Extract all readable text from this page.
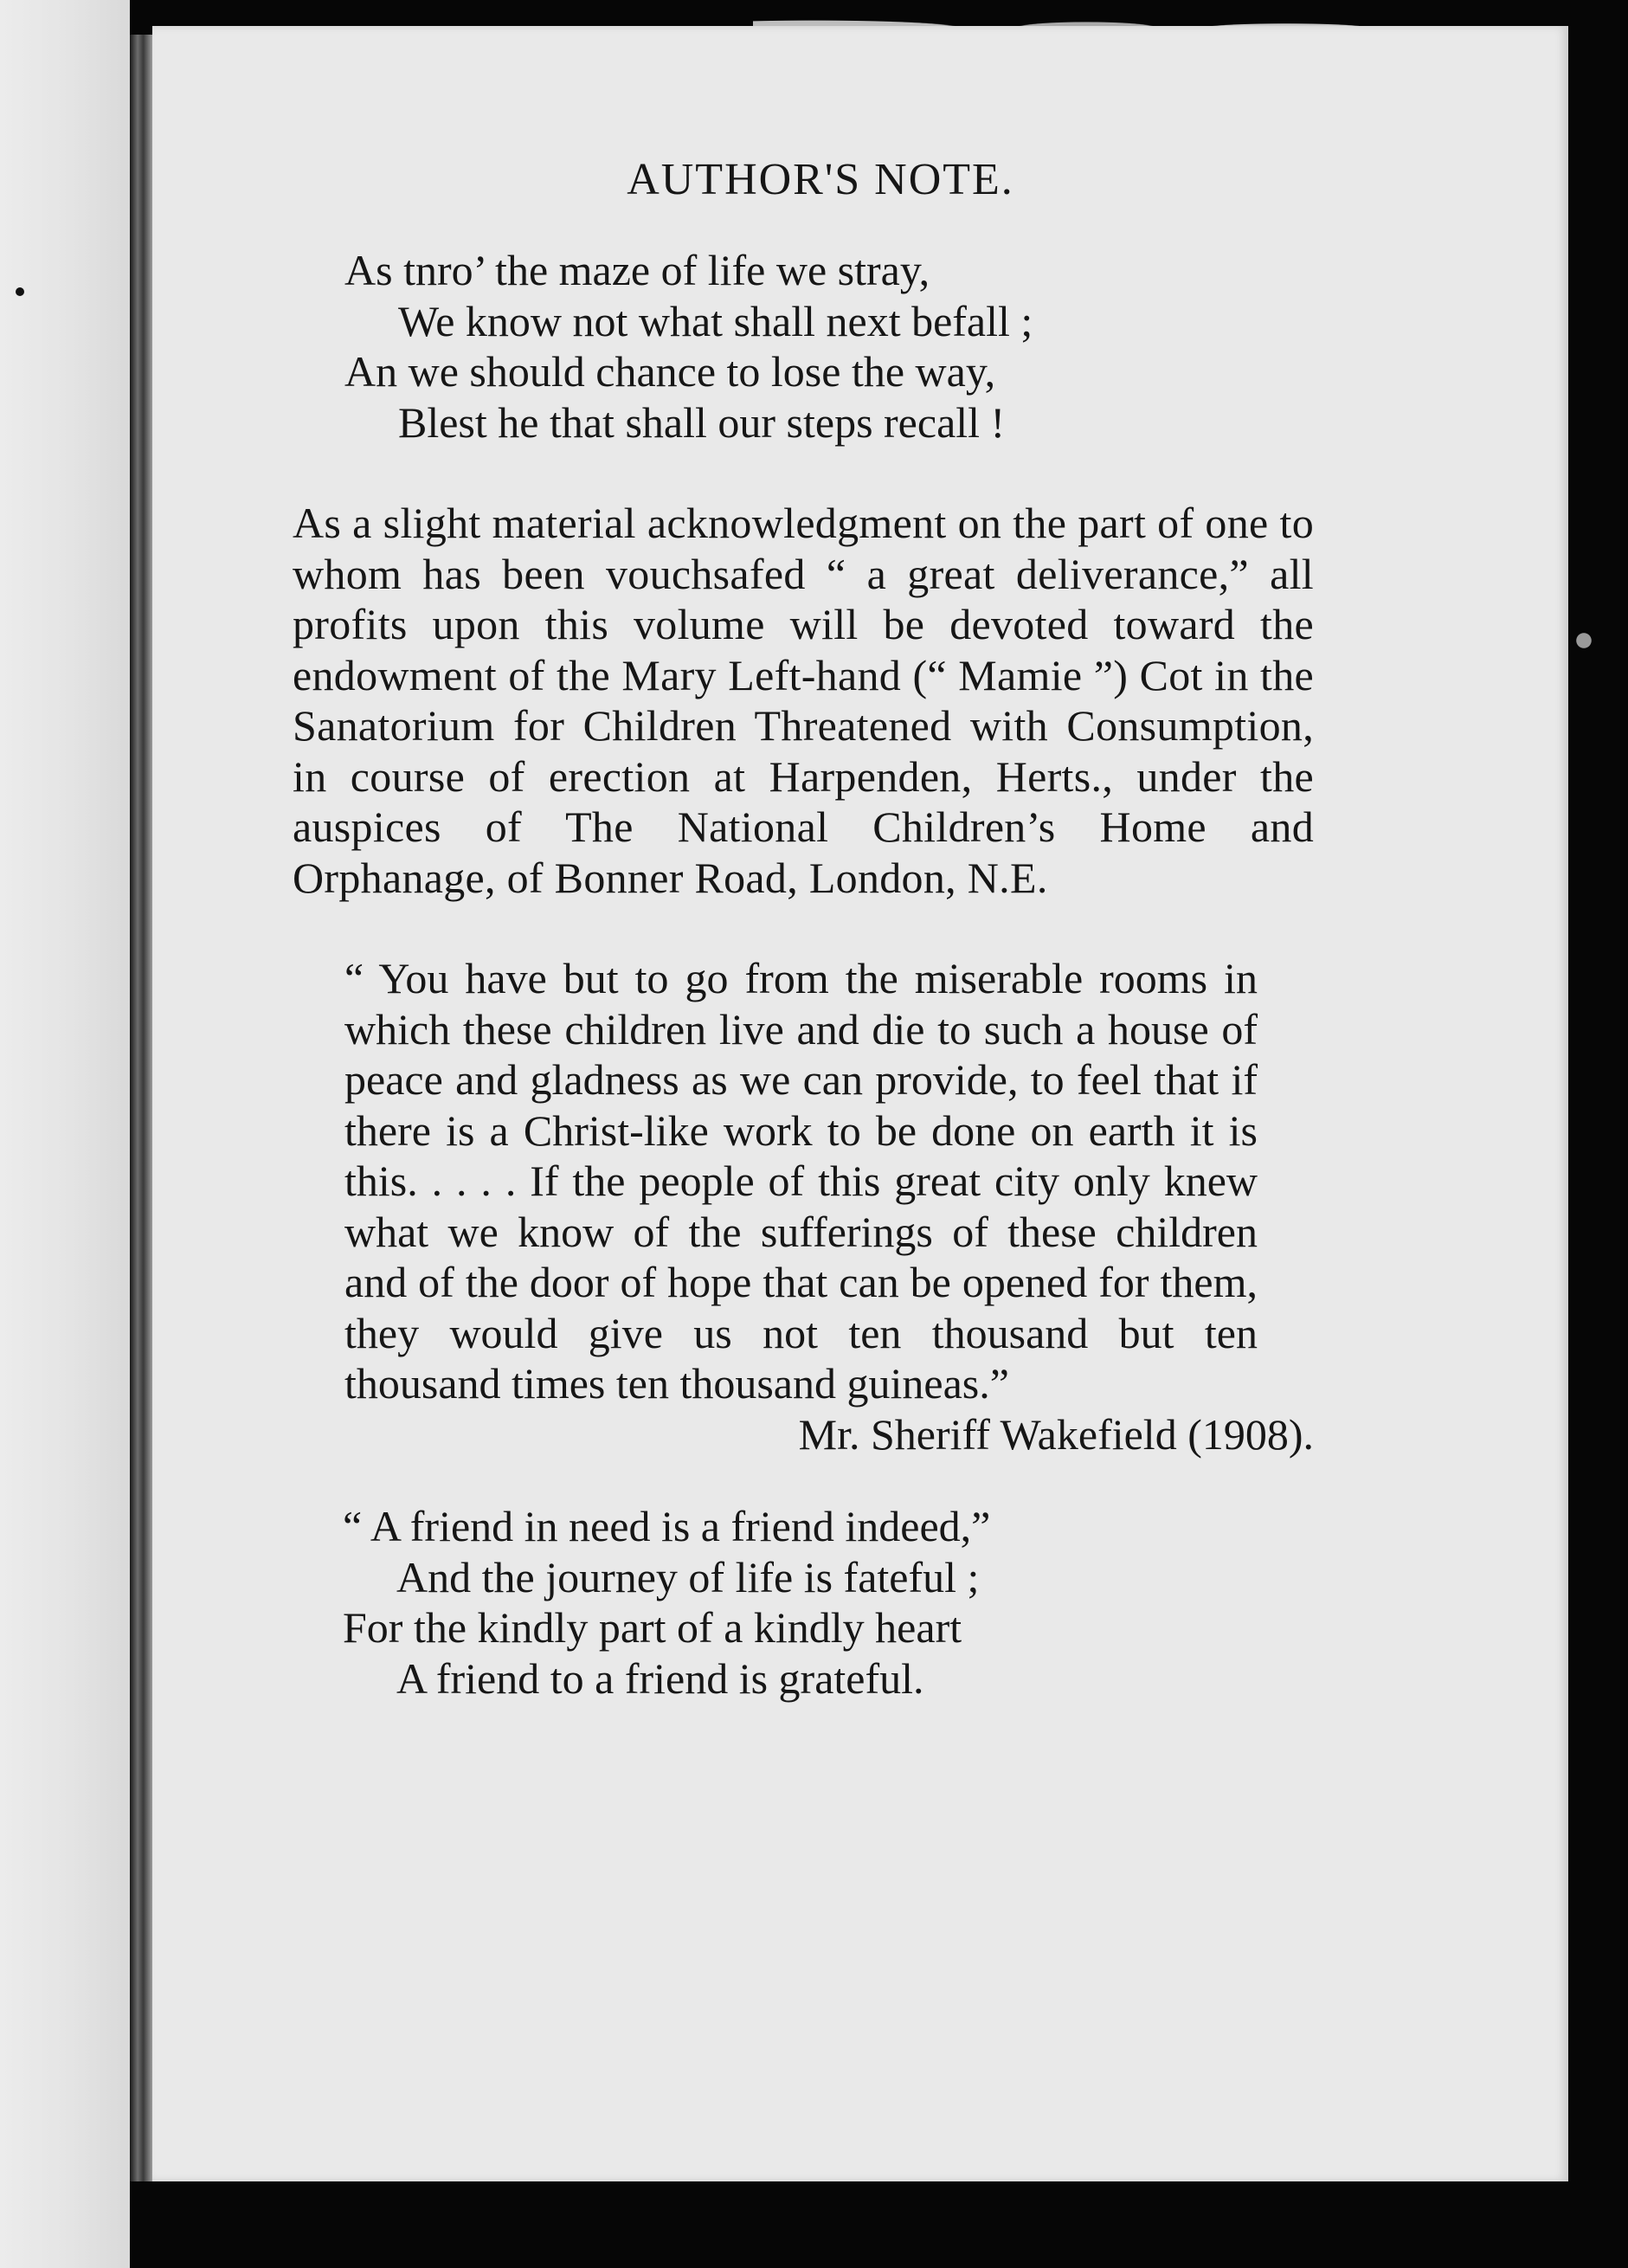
AUTHOR'S NOTE.
As tnro’ the maze of life we stray,
We know not what shall next befall ;
An we should chance to lose the way,
Blest he that shall our steps recall !

As a slight material acknowledgment on the part of one to whom has been vouchsafed “ a great deliverance,” all profits upon this volume will be devoted toward the endowment of the Mary Left-hand (“ Mamie ”) Cot in the Sanatorium for Children Threatened with Consumption, in course of erection at Harpenden, Herts., under the auspices of The National Children’s Home and Orphanage, of Bonner Road, London, N.E.

“ You have but to go from the miserable rooms in which these children live and die to such a house of peace and gladness as we can provide, to feel that if there is a Christ-like work to be done on earth it is this. . . . . If the people of this great city only knew what we know of the sufferings of these children and of the door of hope that can be opened for them, they would give us not ten thousand but ten thousand times ten thousand guineas.”

Mr. Sheriff Wakefield (1908).

“ A friend in need is a friend indeed,”
And the journey of life is fateful ;
For the kindly part of a kindly heart
A friend to a friend is grateful.
